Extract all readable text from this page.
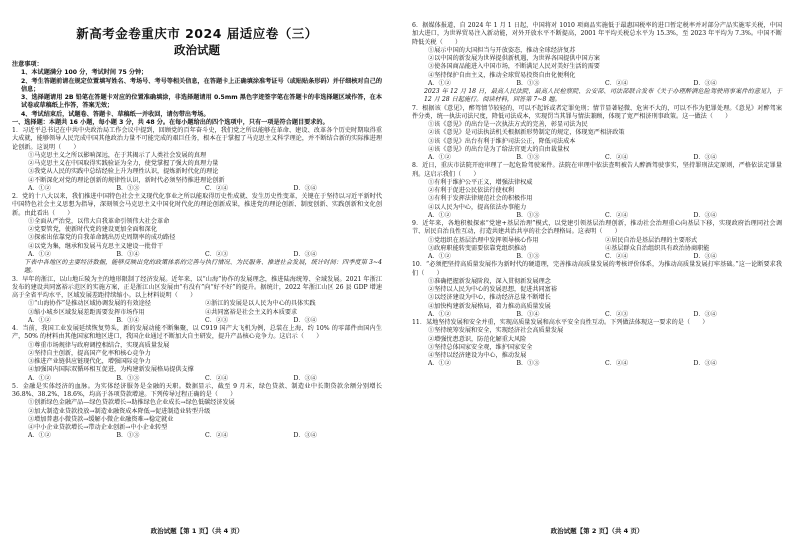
新高考金卷重庆市 2024 届适应卷（三）
政治试题
注意事项：

1、本试题满分 100 分，考试时间 75 分钟；

2、考生答题前请在规定位置填写姓名、考场号、考号等相关信息，在答题卡上正确填涂准考证号（或贴贴条形码）并仔细核对自己的信息；

3、选择题请用 2B 铅笔在答题卡对应的位置准确填涂，非选择题请用 0.5mm 黑色字迹签字笔在答题卡的非选择题区域作答，在本试卷或草稿纸上作答，答案无效；

4、考试结束后，试题卷、答题卡、草稿纸一并收回，请勿带出考场。

一、选择题：本题共 16 小题，每小题 3 分，共 48 分。在每小题给出的四个选项中，只有一项是符合题目要求的。

1．习近平总书记在中共中央政治局工作会议中提到，回顾党的百年奋斗史，我们党之所以能够在革命、建设、改革各个历史时期取得重大成就，能够领导人民完成中国其他政治力量不可能完成的艰巨任务，根本在于掌握了马克思主义科学理论，并不断结合新的实际推进理论创新。这说明（　　）

①马克思主义之所以影响深远，在于其揭示了人类社会发展的真理

②马克思主义在中国取得实践验证为全力，使党掌握了强大的真理力量

③我党从人民的实践中总结经验上升为理性认识，提炼新时代化的理论

④不断深化对党的理论创新的规律性认识，新时代必须坚持推进理论创新

A．①②	B．①③	C．②④	D．③④

2．党的十八大以来，我们推进中国特色社会主义现代化事业之所以能取得历史性成就、发生历史性变革，关键在于坚持以习近平新时代中国特色社会主义思想为指导，深刻领会马克思主义中国化时代化的理论创新成果，推进党的理论创新、制度创新、实践创新和文化创新。由此看出（　　）

①全面从严治党，以伟大自我革命引领伟大社会革命

②党要管党，使新时代党的建设更加全面和深化

③探索出依靠党的自我革命跳出历史周期率的成功路径

④以党为集，继承和发展马克思主义建设一批骨干

A．①②	B．①④	C．②③	D．③④

下表中各地区的主要经济数据，能够反映出党的政策体系的完善与执行情况、为民服务、推进社会发展，统计时间：四季度第 3~4 题。

3．早年的浙江，以山地丘陵为主的地形限制了经济发展。近年来，以“山海”协作的发展理念，推进陆海统筹、全域发展。2021 年浙江发布的建设共同富裕示范区的实施方案，正是浙江山区发展由“有没有”向“好不好”的提升。据统计，2022 年浙江山区 26 县 GDP 增速高于全省平均水平，区域发展差距持续缩小。以上材料说明（　　）

①“山海协作”是推动区域协调发展的有效途径	②浙江的发展是以人民为中心的具体实践
③缩小城乡区域发展差距需要发挥市场作用	④共同富裕是社会主义的本质要求
A．①②	B．①④	C．②③	D．③④

4．当前，我国工业发展延续恢复势头，新的发展动能不断集聚，以 C919 国产大飞机为例，总装在上海，约 10% 的零部件由国内生产，50% 的材料由其他国家和地区进口，我国企业通过不断加大自主研发，提升产品核心竞争力。这启示（　　）

①尊重市场规律与政府调控相结合，实现高质量发展

②坚持自主创新，提高国产化率和核心竞争力

③推进产业链供应链现代化，增强国际竞争力

④加强国内国际双循环相互促进，为构建新发展格局提供支撑

A．①②	B．①③	C．②④	D．③④

5．金融是实体经济的血脉。为实体经济服务是金融的天职。数据显示，截至 9 月末，绿色贷款、制造业中长期贷款余额分别增长 36.8%、38.2%、18.6%，均高于各项贷款增速。下列传导过程正确的是（　　）

①创新绿色金融产品—绿色贷款增长→助推绿色企业成长→绿色低碳经济发展

②加大制造业贷款投放→制造业融资成本降低→促进制造业转型升级

③增加普惠小微贷款→缓解小微企业融资难→稳定就业

④中小企业贷款增长→带动企业创新→中小企业转型

A．①②	B．①③	C．②④	D．③④

6．据媒体报道，自 2024 年 1 月 1 日起，中国将对 1010 项商品实施低于最惠国税率的进口暂定税率并对部分产品实施零关税，中国加大进口，为世界贸易注入新动能，对外开放水平不断提高，2001 年平均关税总水平为 15.3%，至 2023 年平均为 7.3%。中国不断降低关税（　　）

①展示中国的大国担当与开放姿态，推动全球经济复苏

②以中国的新发展为世界提供新机遇，为世界各国提供中国方案

③使各国商品能进入中国市场，不断满足人民对美好生活的需要

④坚持保护自由主义，推动全球贸易投资自由化便利化

A．①②	B．①③	C．②④	D．③④

2023 年 12 月 18 日，最高人民法院、最高人民检察院、公安部、司法部联合发布《关于办理醉酒危险驾驶刑事案件的意见》，于 12 月 28 日起施行。阅读材料，回答第 7~8 题。

7．根据该《意见》，醉驾情节较轻的，可以不起诉或者定罪免刑；情节显著轻微、危害不大的，可以不作为犯罪处理。《意见》对醉驾案件分类，统一执法司法尺度，降低司法成本，实现罚当其罪与情法兼顾，体现了宽严相济刑事政策。这一做法（　　）

①该《意见》的出台是一次执法方式的完善，彰显司法为民

②该《意见》是司法执法机关根据新形势制定的规定，体现宽严相济政策

③该《意见》出台有利于维护司法公正，降低司法成本

④该《意见》的出台是为了给法官更大的自由裁量权

A．①②	B．①③	C．②④	D．③④

8．近日，重庆市法院开庭审理了一起危险驾驶案件。法院在审理中依法查明被告人醉酒驾驶事实，坚持罪刑法定原则，严格依法定罪量刑。这启示我们（　　）

①有利于维护公平正义，增强法律权威

②有利于促进公民依法行使权利

③有利于发挥法律规范社会的积极作用

④以人民为中心，提高依法办事能力

A．①②	B．①③	C．②④	D．③④

9．近年来，各地积极探索“党建+基层治理”模式，以党建引领基层治理创新，推动社会治理重心向基层下移，实现政府治理同社会调节、居民自治良性互动，打造共建共治共享的社会治理格局。这表明（　　）

①党组织在基层治理中发挥领导核心作用	②居民自治是基层治理的主要形式
③政府职能转变需要依靠党组织推动	④基层群众自治组织具有政治协商职能
A．①②	B．①③	C．②④	D．③④

10．“必须把坚持高质量发展作为新时代的硬道理，完善推动高质量发展的考核评价体系，为推动高质量发展打牢基础。”这一论断要求我们（　　）

①准确把握新发展阶段，深入贯彻新发展理念

②坚持以人民为中心的发展思想，促进共同富裕

③以经济建设为中心，推动经济总量不断增长

④加快构建新发展格局，着力推动高质量发展

A．①②	B．①④	C．②③	D．③④

11．某地坚持发展和安全并重，实现高质量发展和高水平安全良性互动。下列做法体现这一要求的是（　　）

①坚持统筹发展和安全，实现经济社会高质量发展

②增强忧患意识，防范化解重大风险

③坚持总体国家安全观，维护国家安全

④坚持以经济建设为中心，推动发展

A．①②	B．①③	C．②④	D．③④
政治试题【第 1 页】（共 4 页）	政治试题【第 2 页】（共 4 页）
